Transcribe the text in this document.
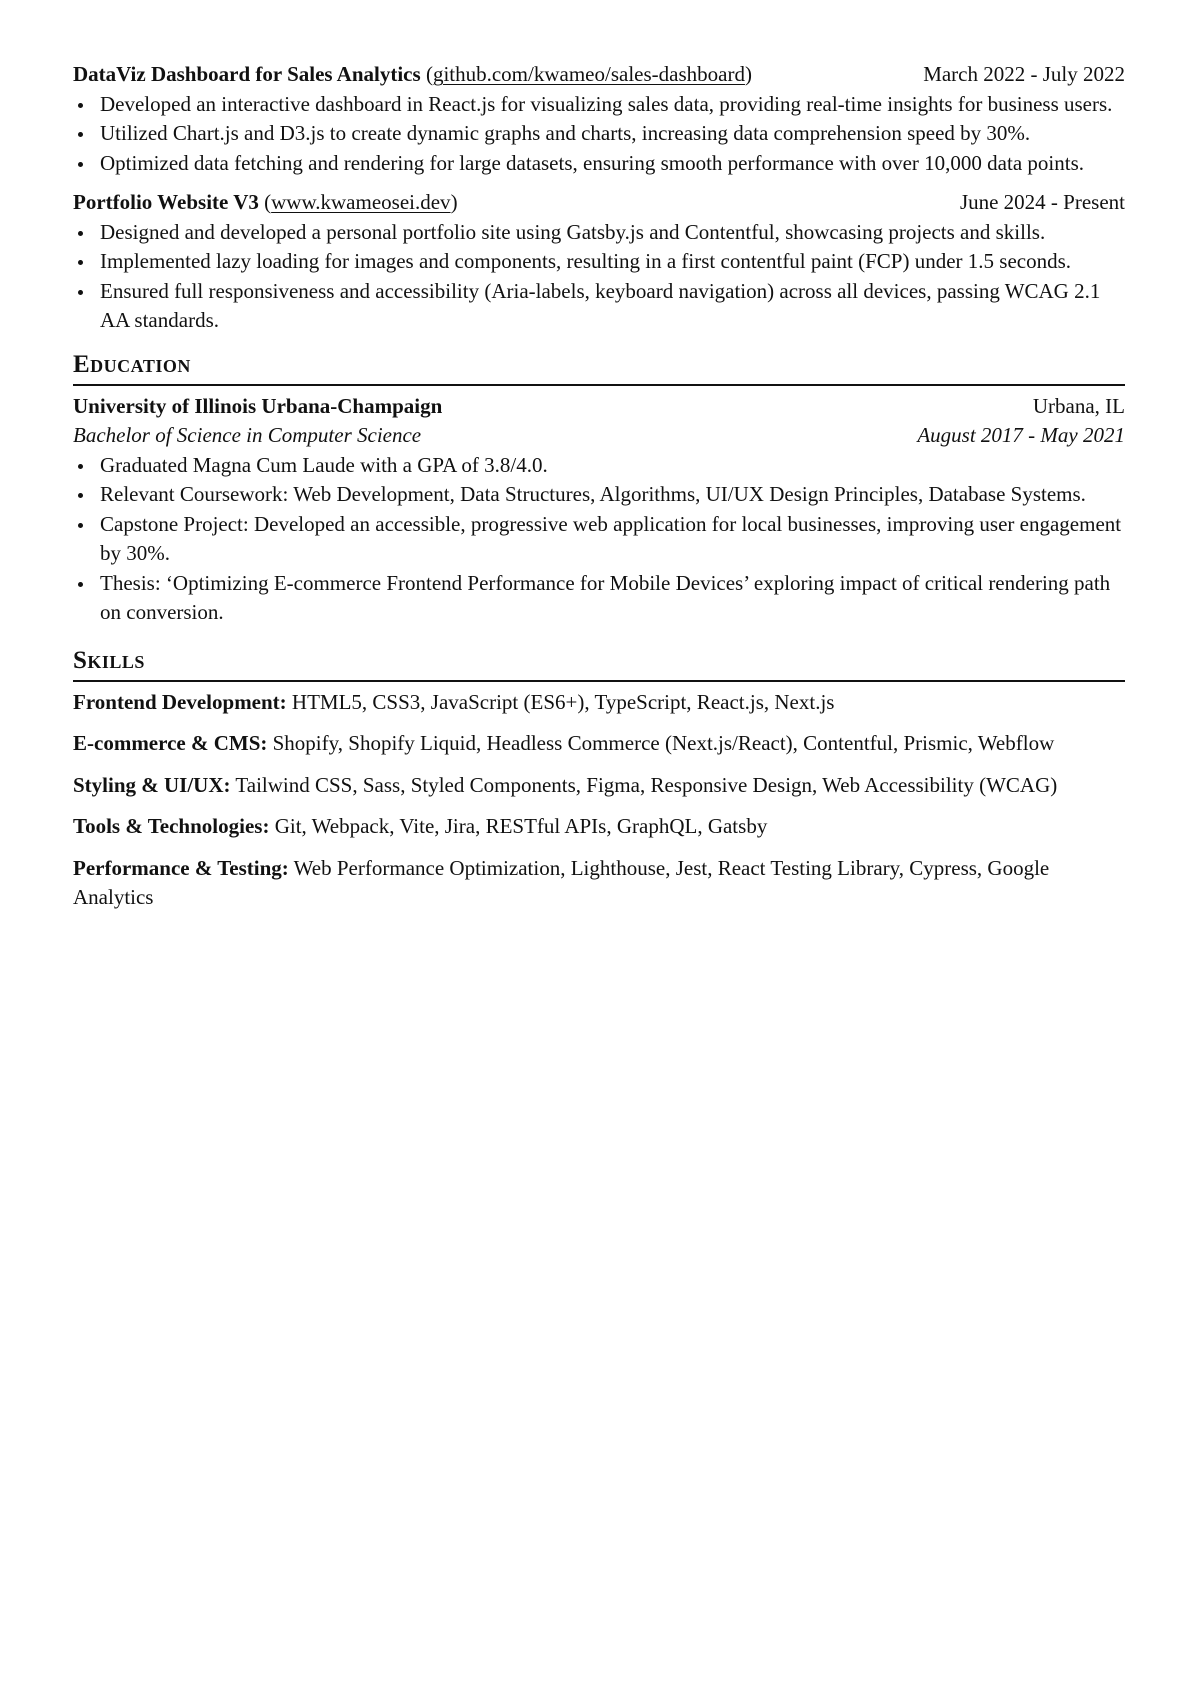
DataViz Dashboard for Sales Analytics (github.com/kwameo/sales-dashboard)	March 2022 - July 2022
Developed an interactive dashboard in React.js for visualizing sales data, providing real-time insights for business users.
Utilized Chart.js and D3.js to create dynamic graphs and charts, increasing data comprehension speed by 30%.
Optimized data fetching and rendering for large datasets, ensuring smooth performance with over 10,000 data points.
Portfolio Website V3 (www.kwameosei.dev)	June 2024 - Present
Designed and developed a personal portfolio site using Gatsby.js and Contentful, showcasing projects and skills.
Implemented lazy loading for images and components, resulting in a first contentful paint (FCP) under 1.5 seconds.
Ensured full responsiveness and accessibility (Aria-labels, keyboard navigation) across all devices, passing WCAG 2.1 AA standards.
Education
University of Illinois Urbana-Champaign	Urbana, IL
Bachelor of Science in Computer Science	August 2017 - May 2021
Graduated Magna Cum Laude with a GPA of 3.8/4.0.
Relevant Coursework: Web Development, Data Structures, Algorithms, UI/UX Design Principles, Database Systems.
Capstone Project: Developed an accessible, progressive web application for local businesses, improving user engagement by 30%.
Thesis: ‘Optimizing E-commerce Frontend Performance for Mobile Devices’ exploring impact of critical rendering path on conversion.
Skills
Frontend Development: HTML5, CSS3, JavaScript (ES6+), TypeScript, React.js, Next.js
E-commerce & CMS: Shopify, Shopify Liquid, Headless Commerce (Next.js/React), Contentful, Prismic, Webflow
Styling & UI/UX: Tailwind CSS, Sass, Styled Components, Figma, Responsive Design, Web Accessibility (WCAG)
Tools & Technologies: Git, Webpack, Vite, Jira, RESTful APIs, GraphQL, Gatsby
Performance & Testing: Web Performance Optimization, Lighthouse, Jest, React Testing Library, Cypress, Google Analytics
